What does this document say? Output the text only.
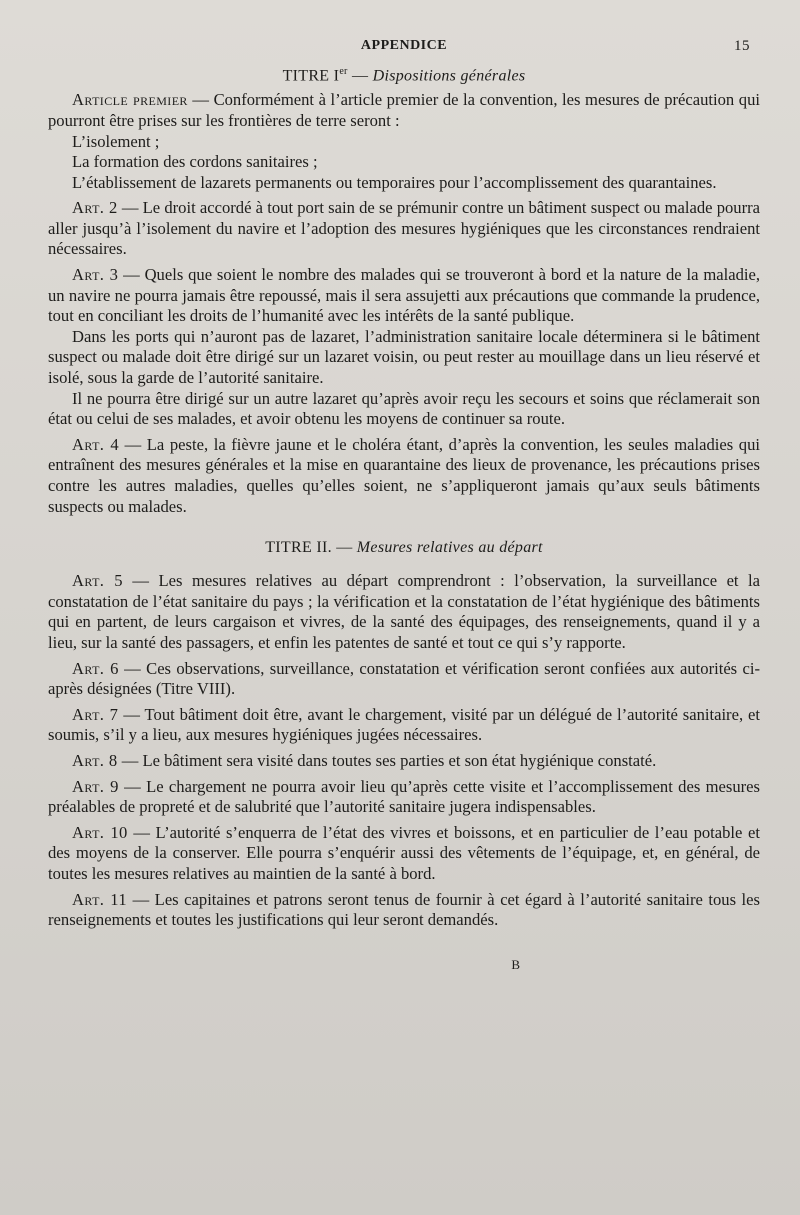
APPENDICE	15
TITRE Ier — Dispositions générales

Article premier — Conformément à l’article premier de la convention, les mesures de précaution qui pourront être prises sur les frontières de terre seront :

L’isolement ;

La formation des cordons sanitaires ;

L’établissement de lazarets permanents ou temporaires pour l’accomplissement des quarantaines.

Art. 2 — Le droit accordé à tout port sain de se prémunir contre un bâtiment suspect ou malade pourra aller jusqu’à l’isolement du navire et l’adoption des mesures hygiéniques que les circonstances rendraient nécessaires.

Art. 3 — Quels que soient le nombre des malades qui se trouveront à bord et la nature de la maladie, un navire ne pourra jamais être repoussé, mais il sera assujetti aux précautions que commande la prudence, tout en conciliant les droits de l’humanité avec les intérêts de la santé publique.

Dans les ports qui n’auront pas de lazaret, l’administration sanitaire locale déterminera si le bâtiment suspect ou malade doit être dirigé sur un lazaret voisin, ou peut rester au mouillage dans un lieu réservé et isolé, sous la garde de l’autorité sanitaire.

Il ne pourra être dirigé sur un autre lazaret qu’après avoir reçu les secours et soins que réclamerait son état ou celui de ses malades, et avoir obtenu les moyens de continuer sa route.

Art. 4 — La peste, la fièvre jaune et le choléra étant, d’après la convention, les seules maladies qui entraînent des mesures générales et la mise en quarantaine des lieux de provenance, les précautions prises contre les autres maladies, quelles qu’elles soient, ne s’appliqueront jamais qu’aux seuls bâtiments suspects ou malades.

TITRE II. — Mesures relatives au départ

Art. 5 — Les mesures relatives au départ comprendront : l’observation, la surveillance et la constatation de l’état sanitaire du pays ; la vérification et la constatation de l’état hygiénique des bâtiments qui en partent, de leurs cargaison et vivres, de la santé des équipages, des renseignements, quand il y a lieu, sur la santé des passagers, et enfin les patentes de santé et tout ce qui s’y rapporte.

Art. 6 — Ces observations, surveillance, constatation et vérification seront confiées aux autorités ci-après désignées (Titre VIII).

Art. 7 — Tout bâtiment doit être, avant le chargement, visité par un délégué de l’autorité sanitaire, et soumis, s’il y a lieu, aux mesures hygiéniques jugées nécessaires.

Art. 8 — Le bâtiment sera visité dans toutes ses parties et son état hygiénique constaté.

Art. 9 — Le chargement ne pourra avoir lieu qu’après cette visite et l’accomplissement des mesures préalables de propreté et de salubrité que l’autorité sanitaire jugera indispensables.

Art. 10 — L’autorité s’enquerra de l’état des vivres et boissons, et en particulier de l’eau potable et des moyens de la conserver. Elle pourra s’enquérir aussi des vêtements de l’équipage, et, en général, de toutes les mesures relatives au maintien de la santé à bord.

Art. 11 — Les capitaines et patrons seront tenus de fournir à cet égard à l’autorité sanitaire tous les renseignements et toutes les justifications qui leur seront demandés.

B
